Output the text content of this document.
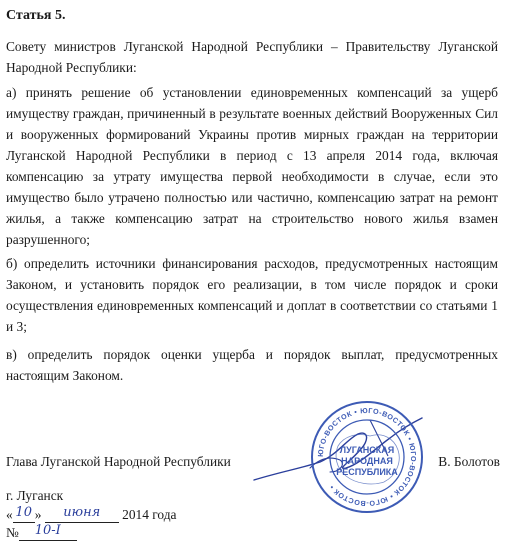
Статья 5.

Совету министров Луганской Народной Республики – Правительству Луганской Народной Республики:

а) принять решение об установлении единовременных компенсаций за ущерб имуществу граждан, причиненный в результате военных действий Вооруженных Сил и вооруженных формирований Украины против мирных граждан на территории Луганской Народной Республики в период с 13 апреля 2014 года, включая компенсацию за утрату имущества первой необходимости в случае, если это имущество было утрачено полностью или частично, компенсацию затрат на ремонт жилья, а также компенсацию затрат на строительство нового жилья взамен разрушенного;

б) определить источники финансирования расходов, предусмотренных настоящим Законом, и установить порядок его реализации, в том числе порядок и сроки осуществления единовременных компенсаций и доплат в соответствии со статьями 1 и 3;

в) определить порядок оценки ущерба и порядок выплат, предусмотренных настоящим Законом.

Глава Луганской Народной Республики	В. Болотов
ЮГО-ВОСТОК • ЮГО-ВОСТОК • ЮГО-ВОСТОК • ЮГО-ВОСТОК •
ЛУГАНСКАЯ
НАРОДНАЯ
РЕСПУБЛИКА
г. Луганск
« 10 » июня 2014 года
№ 10-I
